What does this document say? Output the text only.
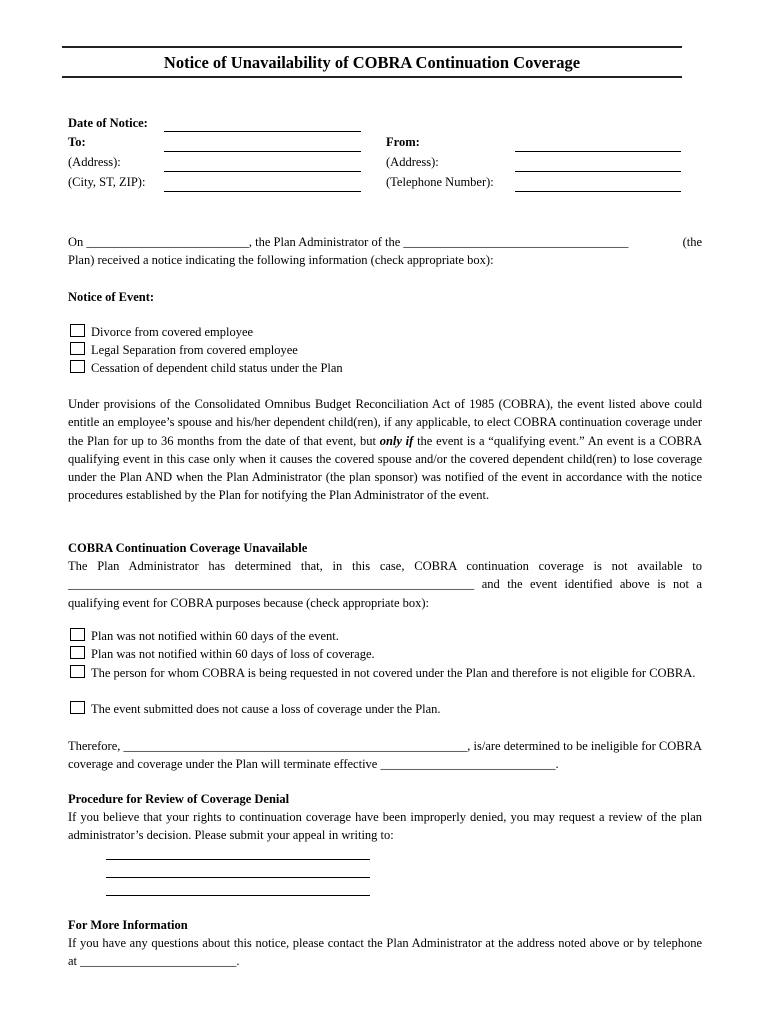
Notice of Unavailability of COBRA Continuation Coverage
Date of Notice:
To:
(Address):
(City, ST, ZIP):
From:
(Address):
(Telephone Number):
On __________________________, the Plan Administrator of the ____________________________________	(the
Plan) received a notice indicating the following information (check appropriate box):
Notice of Event:
Divorce from covered employee
Legal Separation from covered employee
Cessation of dependent child status under the Plan
Under provisions of the Consolidated Omnibus Budget Reconciliation Act of 1985 (COBRA), the event listed above could entitle an employee’s spouse and his/her dependent child(ren), if any applicable, to elect COBRA continuation coverage under the Plan for up to 36 months from the date of that event, but only if the event is a “qualifying event.” An event is a COBRA qualifying event in this case only when it causes the covered spouse and/or the covered dependent child(ren) to lose coverage under the Plan AND when the Plan Administrator (the plan sponsor) was notified of the event in accordance with the notice procedures established by the Plan for notifying the Plan Administrator of the event.
COBRA Continuation Coverage Unavailable
The Plan Administrator has determined that, in this case, COBRA continuation coverage is not available to _________________________________________________________________ and the event identified above is not a qualifying event for COBRA purposes because (check appropriate box):
Plan was not notified within 60 days of the event.
Plan was not notified within 60 days of loss of coverage.
The person for whom COBRA is being requested in not covered under the Plan and therefore is not eligible for COBRA.
The event submitted does not cause a loss of coverage under the Plan.
Therefore, _______________________________________________________, is/are determined to be ineligible for COBRA coverage and coverage under the Plan will terminate effective ____________________________.
Procedure for Review of Coverage Denial
If you believe that your rights to continuation coverage have been improperly denied, you may request a review of the plan administrator’s decision. Please submit your appeal in writing to:
For More Information
If you have any questions about this notice, please contact the Plan Administrator at the address noted above or by telephone at _________________________.
